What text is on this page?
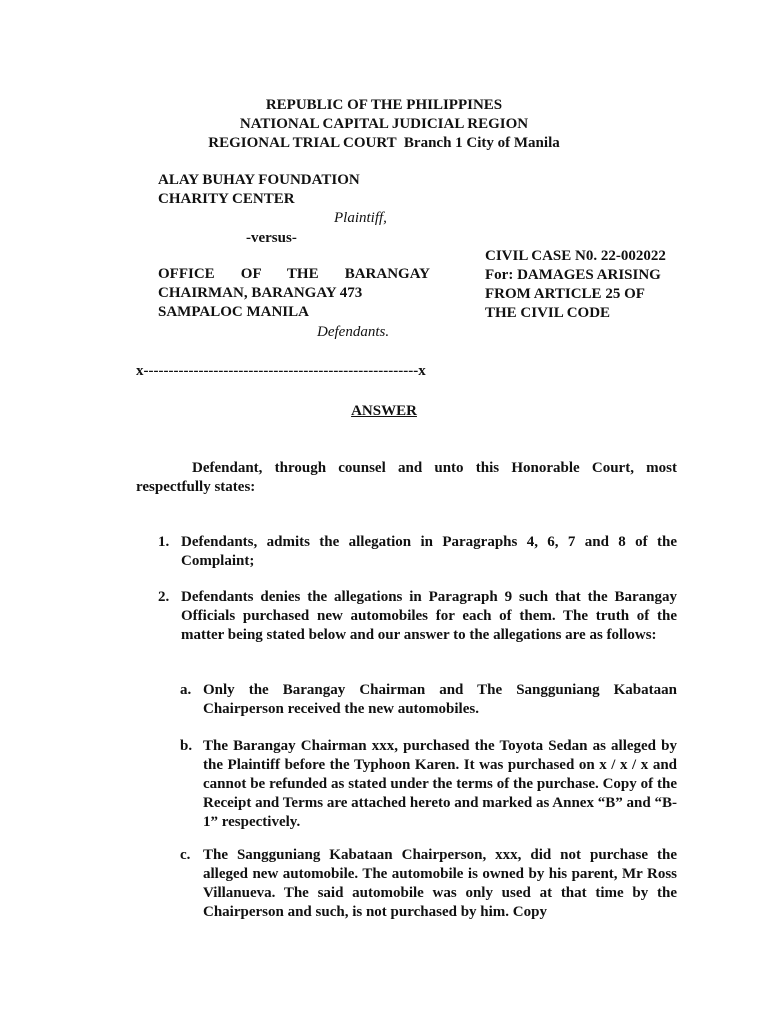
REPUBLIC OF THE PHILIPPINES
NATIONAL CAPITAL JUDICIAL REGION
REGIONAL TRIAL COURT  Branch 1 City of Manila
ALAY BUHAY FOUNDATION
CHARITY CENTER
Plaintiff,
-versus-
OFFICE OF THE BARANGAY
CHAIRMAN, BARANGAY 473
SAMPALOC MANILA
Defendants.
CIVIL CASE N0. 22-002022
For: DAMAGES ARISING
FROM ARTICLE 25 OF
THE CIVIL CODE
x-------------------------------------------------------x
ANSWER
Defendant, through counsel and unto this Honorable Court, most respectfully states:
1. Defendants, admits the allegation in Paragraphs 4, 6, 7 and 8 of the Complaint;
2. Defendants denies the allegations in Paragraph 9 such that the Barangay Officials purchased new automobiles for each of them. The truth of the matter being stated below and our answer to the allegations are as follows:
a. Only the Barangay Chairman and The Sangguniang Kabataan Chairperson received the new automobiles.
b. The Barangay Chairman xxx, purchased the Toyota Sedan as alleged by the Plaintiff before the Typhoon Karen. It was purchased on x / x / x and cannot be refunded as stated under the terms of the purchase. Copy of the Receipt and Terms are attached hereto and marked as Annex “B” and “B-1” respectively.
c. The Sangguniang Kabataan Chairperson, xxx, did not purchase the alleged new automobile. The automobile is owned by his parent, Mr Ross Villanueva. The said automobile was only used at that time by the Chairperson and such, is not purchased by him. Copy
